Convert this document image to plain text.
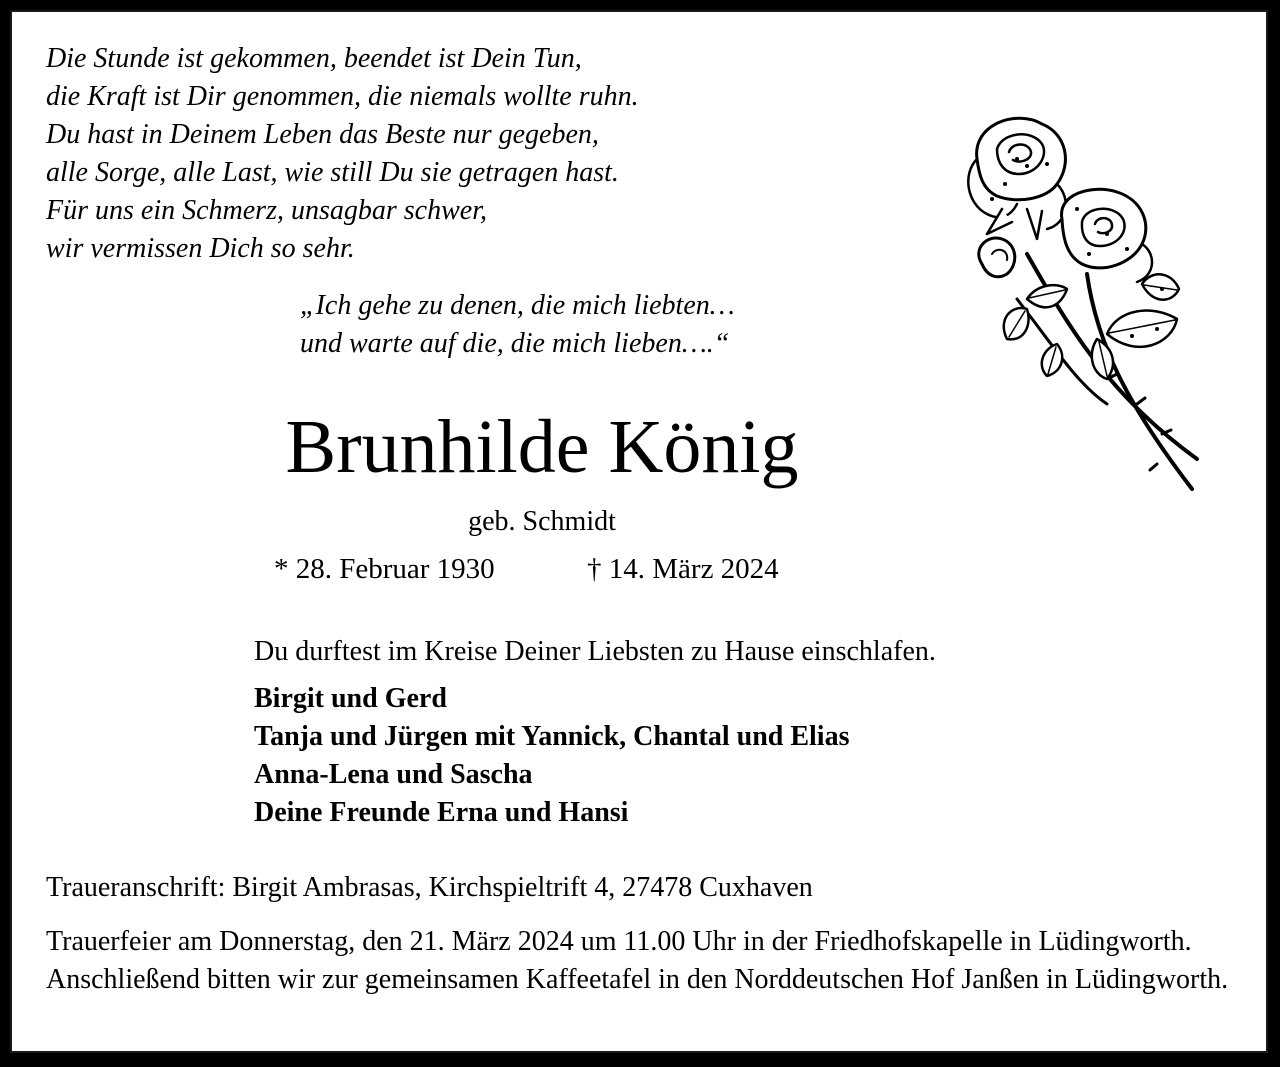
Die Stunde ist gekommen, beendet ist Dein Tun,
die Kraft ist Dir genommen, die niemals wollte ruhn.
Du hast in Deinem Leben das Beste nur gegeben,
alle Sorge, alle Last, wie still Du sie getragen hast.
Für uns ein Schmerz, unsagbar schwer,
wir vermissen Dich so sehr.
„Ich gehe zu denen, die mich liebten…
und warte auf die, die mich lieben….“
Brunhilde König
geb. Schmidt
* 28. Februar 1930	† 14. März 2024
Du durftest im Kreise Deiner Liebsten zu Hause einschlafen.
Birgit und Gerd
Tanja und Jürgen mit Yannick, Chantal und Elias
Anna-Lena und Sascha
Deine Freunde Erna und Hansi
Traueranschrift: Birgit Ambrasas, Kirchspieltrift 4, 27478 Cuxhaven
Trauerfeier am Donnerstag, den 21. März 2024 um 11.00 Uhr in der Friedhofskapelle in Lüdingworth. Anschließend bitten wir zur gemeinsamen Kaffeetafel in den Norddeutschen Hof Janßen in Lüdingworth.
